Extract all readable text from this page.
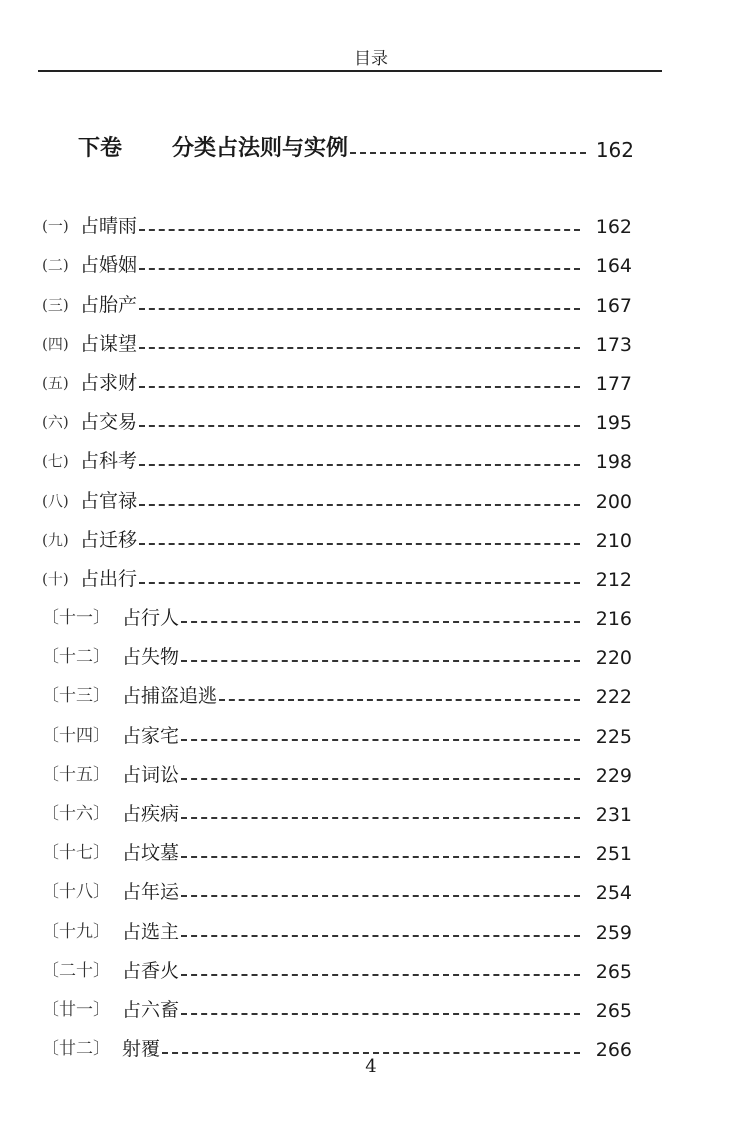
目录
下卷	分类占法则与实例	162
(一) 占晴雨	162
(二) 占婚姻	164
(三) 占胎产	167
(四) 占谋望	173
(五) 占求财	177
(六) 占交易	195
(七) 占科考	198
(八) 占官禄	200
(九) 占迁移	210
(十) 占出行	212
〔十一〕 占行人	216
〔十二〕 占失物	220
〔十三〕 占捕盗追逃	222
〔十四〕 占家宅	225
〔十五〕 占词讼	229
〔十六〕 占疾病	231
〔十七〕 占坟墓	251
〔十八〕 占年运	254
〔十九〕 占选主	259
〔二十〕 占香火	265
〔廿一〕 占六畜	265
〔廿二〕 射覆	266
4
